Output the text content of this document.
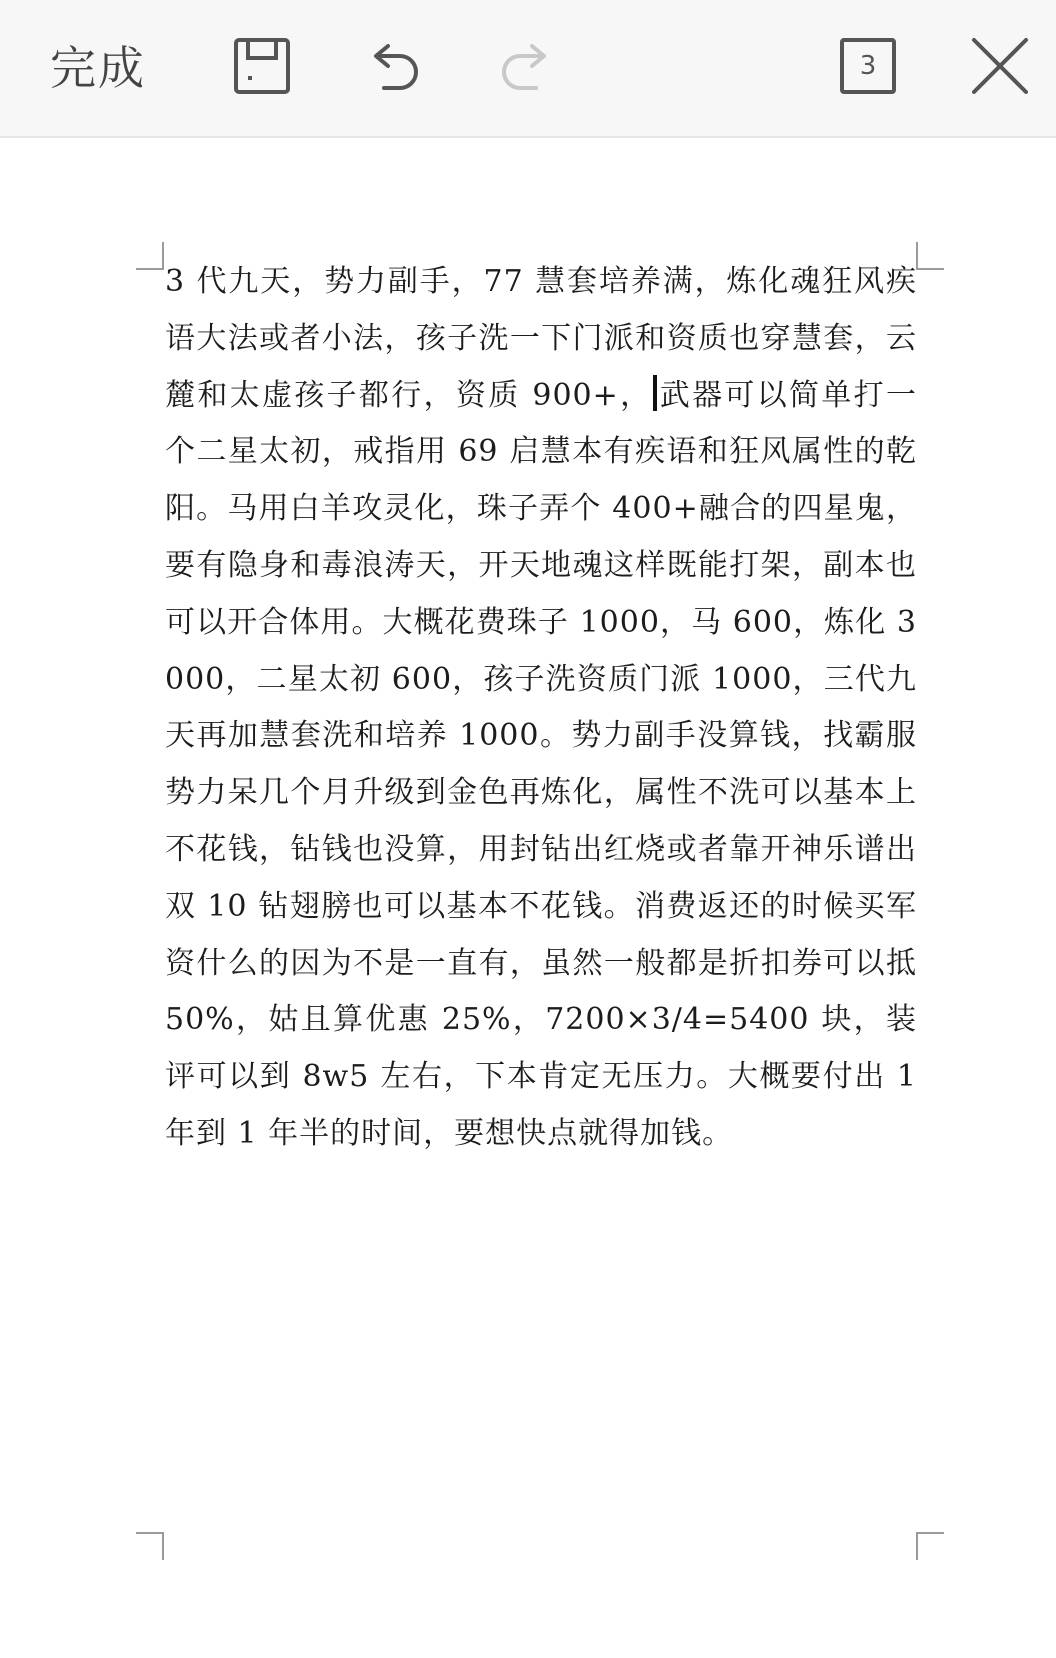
完成	3
3 代九天，势力副手，77 慧套培养满，炼化魂狂风疾语大法或者小法，孩子洗一下门派和资质也穿慧套，云麓和太虚孩子都行，资质 900+， 武器可以简单打一个二星太初，戒指用 69 启慧本有疾语和狂风属性的乾阳。马用白羊攻灵化，珠子弄个 400+融合的四星鬼，要有隐身和毒浪涛天，开天地魂这样既能打架，副本也可以开合体用。大概花费珠子 1000，马 600，炼化 3000，二星太初 600，孩子洗资质门派 1000，三代九天再加慧套洗和培养 1000。势力副手没算钱，找霸服势力呆几个月升级到金色再炼化，属性不洗可以基本上不花钱，钻钱也没算，用封钻出红烧或者靠开神乐谱出双 10 钻翅膀也可以基本不花钱。消费返还的时候买军资什么的因为不是一直有，虽然一般都是折扣券可以抵 50%，姑且算优惠 25%，7200×3/4=5400 块，装评可以到 8w5 左右，下本肯定无压力。大概要付出 1 年到 1 年半的时间，要想快点就得加钱。
